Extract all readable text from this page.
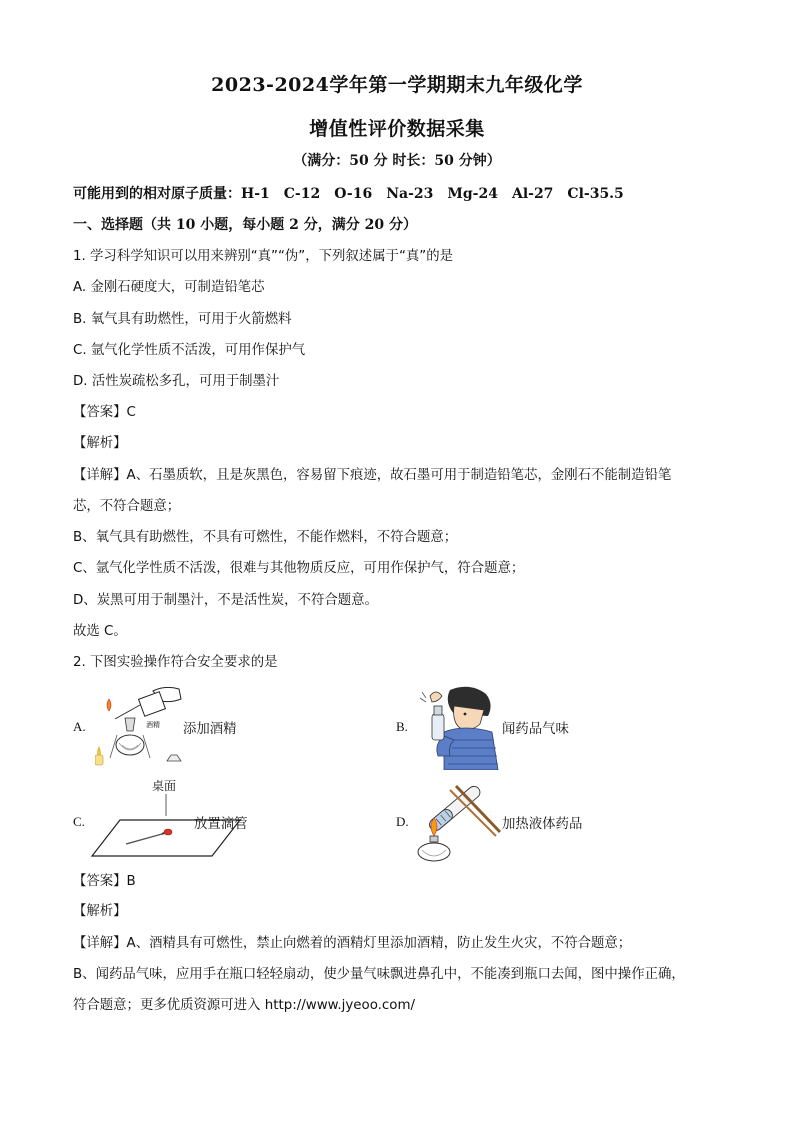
2023-2024学年第一学期期末九年级化学
增值性评价数据采集
（满分：50 分 时长：50 分钟）
可能用到的相对原子质量：H-1　C-12　O-16　Na-23　Mg-24　Al-27　Cl-35.5
一、选择题（共 10 小题，每小题 2 分，满分 20 分）
1. 学习科学知识可以用来辨别“真”“伪”，下列叙述属于“真”的是
A. 金刚石硬度大，可制造铅笔芯
B. 氧气具有助燃性，可用于火箭燃料
C. 氩气化学性质不活泼，可用作保护气
D. 活性炭疏松多孔，可用于制墨汁
【答案】C
【解析】
【详解】A、石墨质软，且是灰黑色，容易留下痕迹，故石墨可用于制造铅笔芯，金刚石不能制造铅笔
芯，不符合题意；
B、氧气具有助燃性，不具有可燃性，不能作燃料，不符合题意；
C、氩气化学性质不活泼，很难与其他物质反应，可用作保护气，符合题意；
D、炭黑可用于制墨汁，不是活性炭，不符合题意。
故选 C。
2. 下图实验操作符合安全要求的是
A.	酒精 添加酒精	B.	闻药品气味
C.
桌面
放置滴管	D.	加热液体药品
【答案】B
【解析】
【详解】A、酒精具有可燃性，禁止向燃着的酒精灯里添加酒精，防止发生火灾，不符合题意；
B、闻药品气味，应用手在瓶口轻轻扇动，使少量气味飘进鼻孔中，不能凑到瓶口去闻，图中操作正确，
符合题意；更多优质资源可进入 http://www.jyeoo.com/
